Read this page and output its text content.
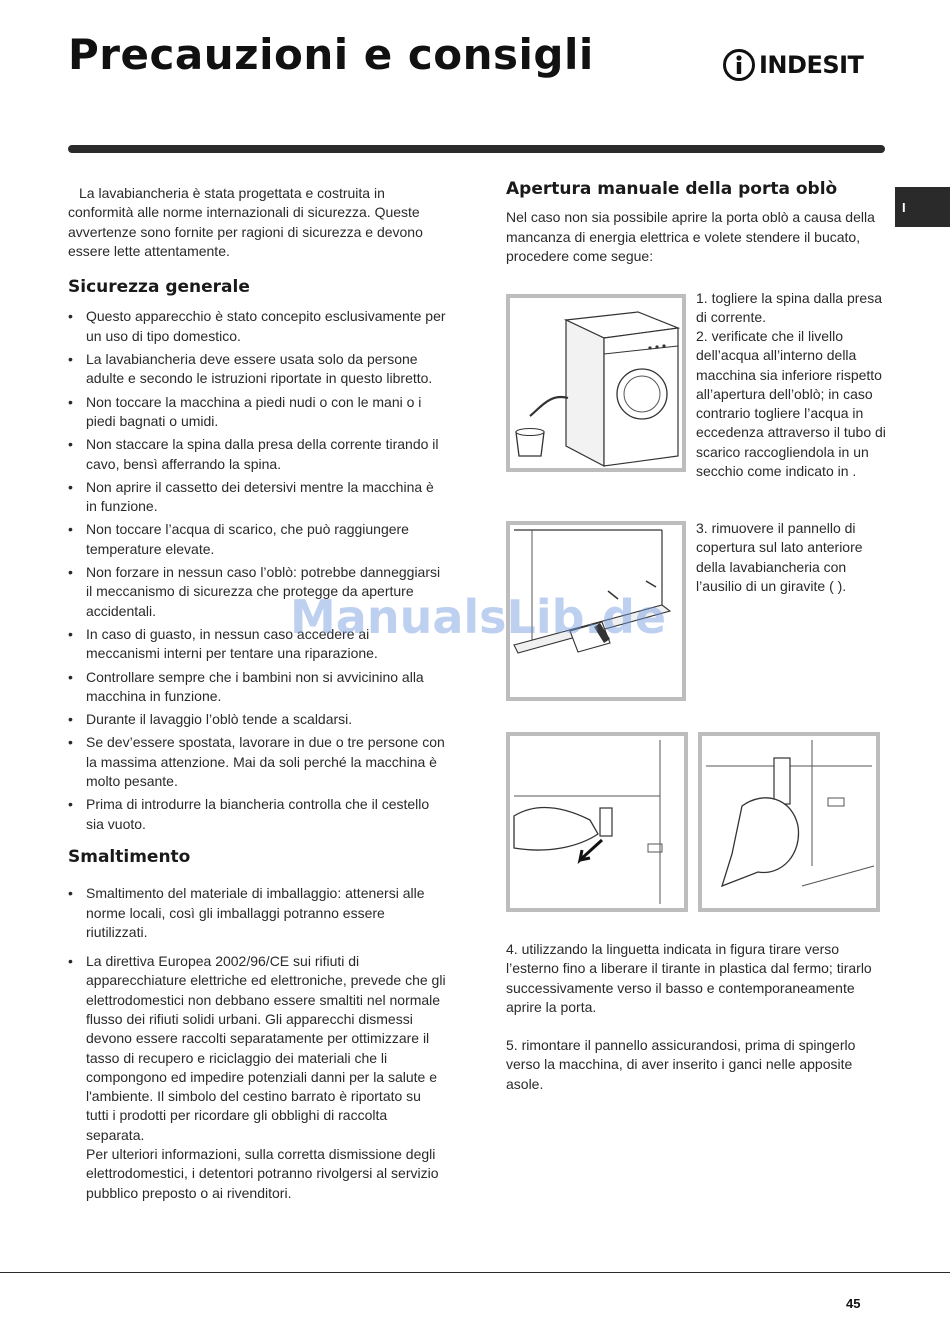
Precauzioni e consigli	INDESIT
I

La lavabiancheria è stata progettata e costruita in conformità alle norme internazionali di sicurezza. Queste avvertenze sono fornite per ragioni di sicurezza e devono essere lette attentamente.

Sicurezza generale
• Questo apparecchio è stato concepito esclusivamente per un uso di tipo domestico.
• La lavabiancheria deve essere usata solo da persone adulte e secondo le istruzioni riportate in questo libretto.
• Non toccare la macchina a piedi nudi o con le mani o i piedi bagnati o umidi.
• Non staccare la spina dalla presa della corrente tirando il cavo, bensì afferrando la spina.
• Non aprire il cassetto dei detersivi mentre la macchina è in funzione.
• Non toccare l’acqua di scarico, che può raggiungere temperature elevate.
• Non forzare in nessun caso l’oblò: potrebbe danneggiarsi il meccanismo di sicurezza che protegge da aperture accidentali.
• In caso di guasto, in nessun caso accedere ai meccanismi interni per tentare una riparazione.
• Controllare sempre che i bambini non si avvicinino alla macchina in funzione.
• Durante il lavaggio l’oblò tende a scaldarsi.
• Se dev’essere spostata, lavorare in due o tre persone con la massima attenzione. Mai da soli perché la macchina è molto pesante.
• Prima di introdurre la biancheria controlla che il cestello sia vuoto.
Smaltimento
• Smaltimento del materiale di imballaggio: attenersi alle norme locali, così gli imballaggi potranno essere riutilizzati.
• La direttiva Europea 2002/96/CE sui rifiuti di apparecchiature elettriche ed elettroniche, prevede che gli elettrodomestici non debbano essere smaltiti nel normale flusso dei rifiuti solidi urbani. Gli apparecchi dismessi devono essere raccolti separatamente per ottimizzare il tasso di recupero e riciclaggio dei materiali che li compongono ed impedire potenziali danni per la salute e l'ambiente. Il simbolo del cestino barrato è riportato su tutti i prodotti per ricordare gli obblighi di raccolta separata.
Per ulteriori informazioni, sulla corretta dismissione degli elettrodomestici, i detentori potranno rivolgersi al servizio pubblico preposto o ai rivenditori.
Apertura manuale della porta oblò

Nel caso non sia possibile aprire la porta oblò a causa della mancanza di energia elettrica e volete stendere il bucato, procedere come segue:

1. togliere la spina dalla presa di corrente.
2. verificate che il livello dell’acqua all’interno della macchina sia inferiore rispetto all’apertura dell’oblò; in caso contrario togliere l’acqua in eccedenza attraverso il tubo di scarico raccogliendola in un secchio come indicato in .
3. rimuovere il pannello di copertura sul lato anteriore della lavabiancheria con l’ausilio di un giravite ( ).
4. utilizzando la linguetta indicata in figura tirare verso l’esterno fino a liberare il tirante in plastica dal fermo; tirarlo successivamente verso il basso e contemporaneamente aprire la porta.
5. rimontare il pannello assicurandosi, prima di spingerlo verso la macchina, di aver inserito i ganci nelle apposite asole.
ManualsLib.de
45
